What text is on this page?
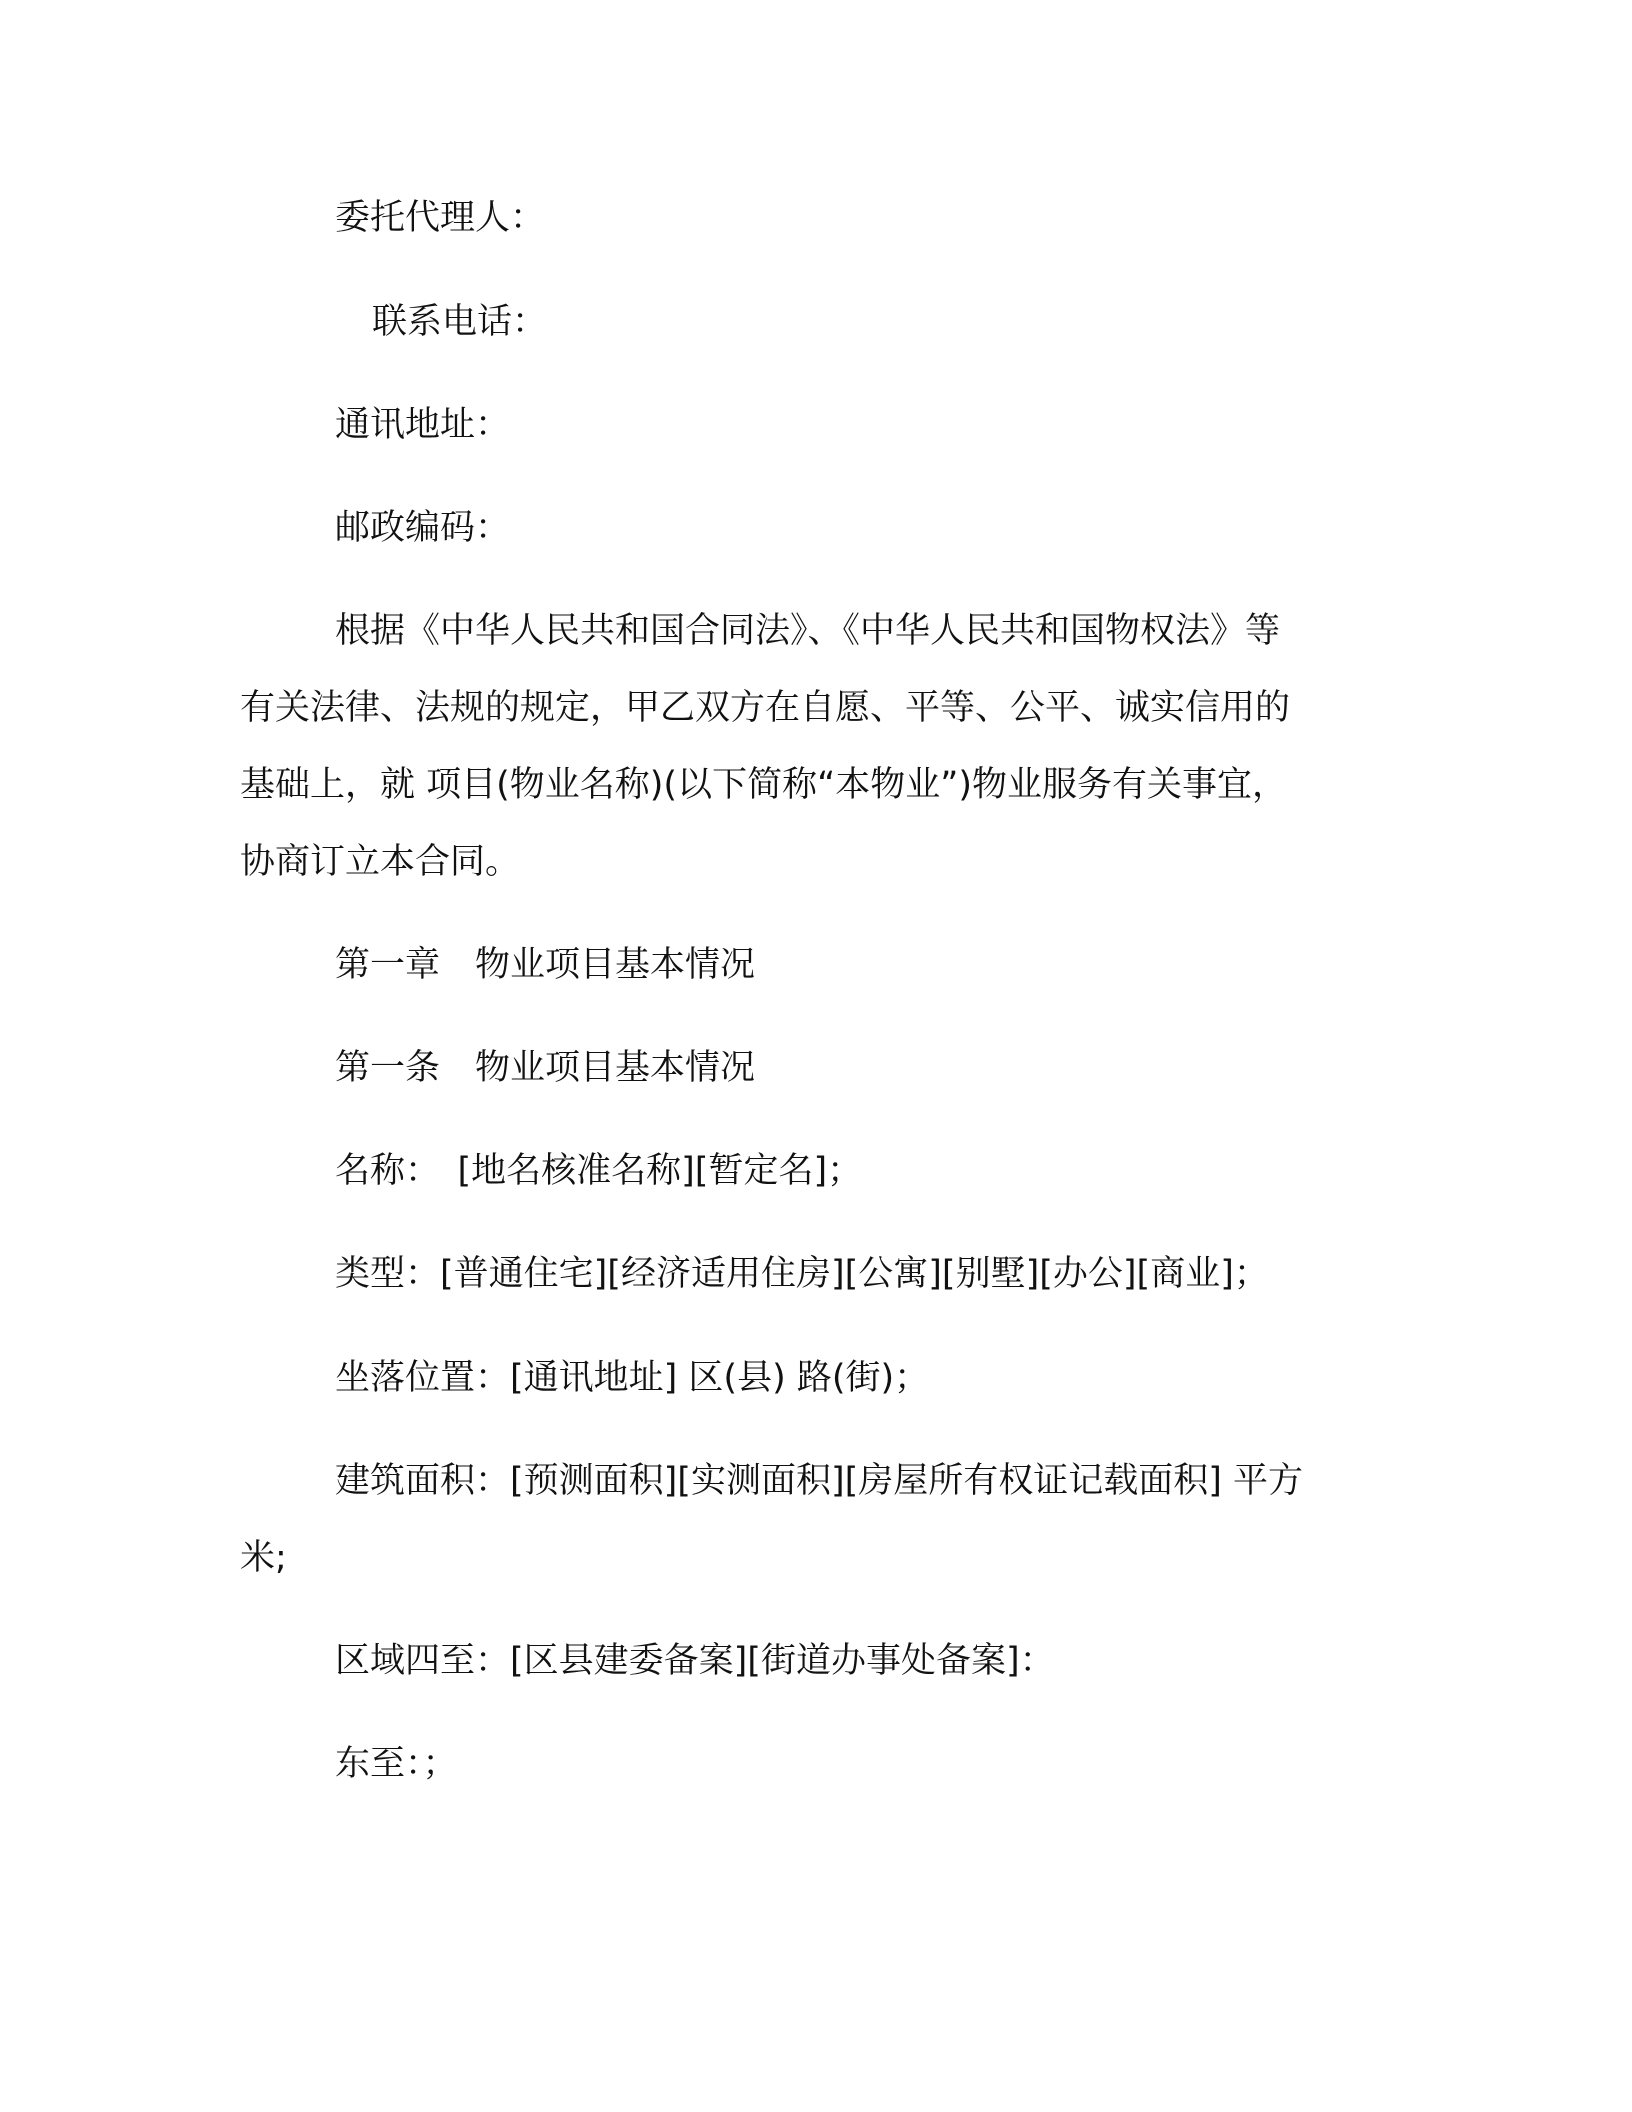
委托代理人：
联系电话：
通讯地址：
邮政编码：
根据《中华人民共和国合同法》、《中华人民共和国物权法》等
有关法律、法规的规定，甲乙双方在自愿、平等、公平、诚实信用的
基础上，就 项目(物业名称)(以下简称“本物业”)物业服务有关事宜，
协商订立本合同。
第一章　物业项目基本情况
第一条　物业项目基本情况
名称：　[地名核准名称][暂定名]；
类型：[普通住宅][经济适用住房][公寓][别墅][办公][商业]；
坐落位置：[通讯地址] 区(县) 路(街)；
建筑面积：[预测面积][实测面积][房屋所有权证记载面积] 平方
米;
区域四至：[区县建委备案][街道办事处备案]：
东至：；
